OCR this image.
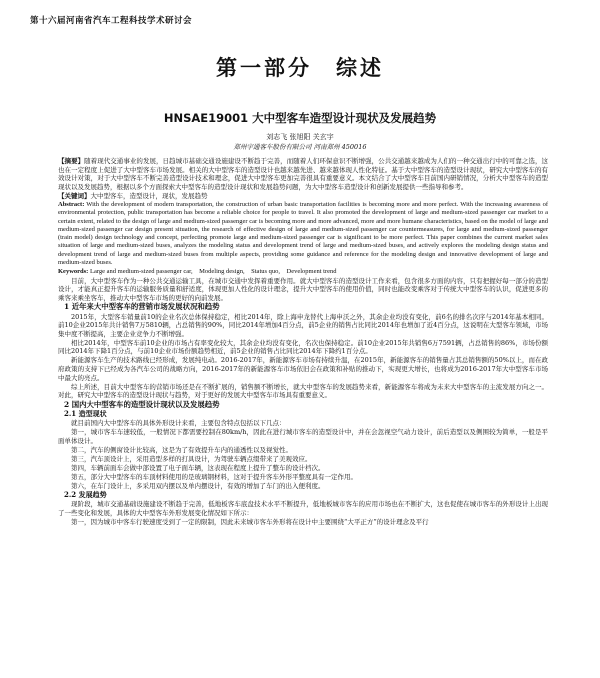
第十六届河南省汽车工程科技学术研讨会
第一部分　综述
HNSAE19001 大中型客车造型设计现状及发展趋势
刘志飞 张旭阳 关玄宇
郑州宇通客车股份有限公司 河南郑州 450016

【摘要】随着现代交通事业的发展，日趋城市基础交通设施建设不断趋于完善，而随着人们环保意识不断增强，公共交通越来越成为人们的一种交通出行中的可靠之选，这也在一定程度上促进了大中型客车市场发展。相关的大中型客车的造型设计也越来越先进、越来越体现人性化特征。基于大中型客车的造型设计现状，研究大中型客车的有效设计对策，对于大中型客车不断完善造型设计技术和理念，促进大中型客车更加完善很具有重要意义。本文结合了大中型客车目前国内研销情况，分析大中型客车的造型现状以及发展趋势，根据以多个方面探索大中型客车的造型设计现状和发展趋势问题，为大中型客车造型设计和创新发展提供一些指导和参考。

【关键词】大中型客车，造型设计，现状，发展趋势

Abstract: With the development of modern transportation, the construction of urban basic transportation facilities is becoming more and more perfect. With the increasing awareness of environmental protection, public transportation has become a reliable choice for people to travel. It also promoted the development of large and medium-sized passenger car market to a certain extent, related to the design of large and medium-sized passenger car is becoming more and more advanced, more and more humane characteristics, based on the model of large and medium-sized passenger car design present situation, the research of effective design of large and medium-sized passenger car countermeasures, for large and medium-sized passenger (train model) design technology and concept, perfecting promote large and medium-sized passenger car is significant to be more perfect. This paper combines the current market sales situation of large and medium-sized buses, analyzes the modeling status and development trend of large and medium-sized buses, and actively explores the modeling design status and development trend of large and medium-sized buses from multiple aspects, providing some guidance and reference for the modeling design and innovative development of large and medium-sized buses.

Keywords: Large and medium-sized passenger car,　Modeling design,　Status quo,　Development trend

目前，大中型客车作为一种公共交通运输工具，在城市交通中发挥着重要作用。就大中型客车的造型设计工作来看，包含很多方面的内容，只有把握好每一部分的造型设计，才能真正提升客车的运输服务质量和舒适度，体现更加人性化的设计理念，提升大中型客车的使用价值，同时也能改变乘客对于传统大中型客车的认识，促进更多的乘客来乘坐客车，推动大中型客车市场的更好的向前发展。

1 近年来大中型客车的营销市场发展状况和趋势

2015年，大型客车销量前10的企业名次总体保持稳定，相比2014年，除上海申龙替代上海申沃之外，其余企业均没有变化，前6名的排名次序与2014年基本相同。前10企业2015年共计销售7万5810辆，占总销售的90%，同比2014年增加4百分点，前5企业的销售占比同比2014年也增加了近4百分点，这说明在大型客车领域，市场集中度不断提高，主要企业竞争力不断增强。

相比2014年，中型客车前10企业的市场占有率变化较大，其余企业均没有变化，名次也保持稳定。前10企业2015年共销售6万7591辆，占总销售的86%，市场份额同比2014年下降1百分点，与前10企业市场份额趋势相近，前5企业的销售占比同比2014年下降约1百分点。

新能源客车生产的技术路线已经形成，发展纯电动。2016-2017年，新能源客车市场有持续升温，在2015年，新能源客车的销售量占其总销售额的50%以上，而在政府政策的支持下已经成为各汽车公司的战略方向，2016-2017年的新能源客车市场依旧会在政策和补贴的推动下，实现更大增长，也将成为2016-2017年大中型客车市场中最大的亮点。

综上所述，目前大中型客车的营销市场还是在不断扩展的，销售额不断增长，就大中型客车的发展趋势来看，新能源客车将成为未来大中型客车的主流发展方向之一。对此，研究大中型客车的造型设计现状与趋势，对于更好的发展大中型客车市场具有重要意义。

2 国内大中型客车的造型设计现状以及发展趋势
2.1 造型现状

就目前国内大中型客车的具体外形设计来看，主要包含特点包括以下几点：

第一，城市客车车速较低，一般情况下都需要控制在80km/h，因此在进行城市客车的造型设计中，并在会忽视空气动力设计，前后造型以及侧围较为简单，一般是平面单体设计。

第二，汽车的侧窗设计比较高，这是为了有效提升车内的通透性以及视觉性。

第三，汽车顶设计上，采用造型多样的打具设计，为驾驶车辆点缀带来了美观效应。

第四，车辆前面车会做中部设置了电子面车辆，这表现在程度上提升了整车的设计档次。

第五，部分大中型客车的车顶材料使用的是玻璃钢材料，这对于提升客车外形平整度具有一定作用。

第六，在车门设计上，多采用双内摆以及单内摆设计，有效的增加了车门的出入便利度。

2.2 发展趋势

现阶段，城市交通基础设施建设不断趋于完善，低地板客车底盘技术水平不断提升，低地板城市客车的应用市场也在不断扩大，这也促使在城市客车的外形设计上出现了一些变化和发展，具体的大中型客车外形发展变化情况如下所示：

第一，因为城市中客车行驶速度受到了一定的限制，因此未来城市客车外形将在设计中主要围绕“大平正方”的设计理念及平行
